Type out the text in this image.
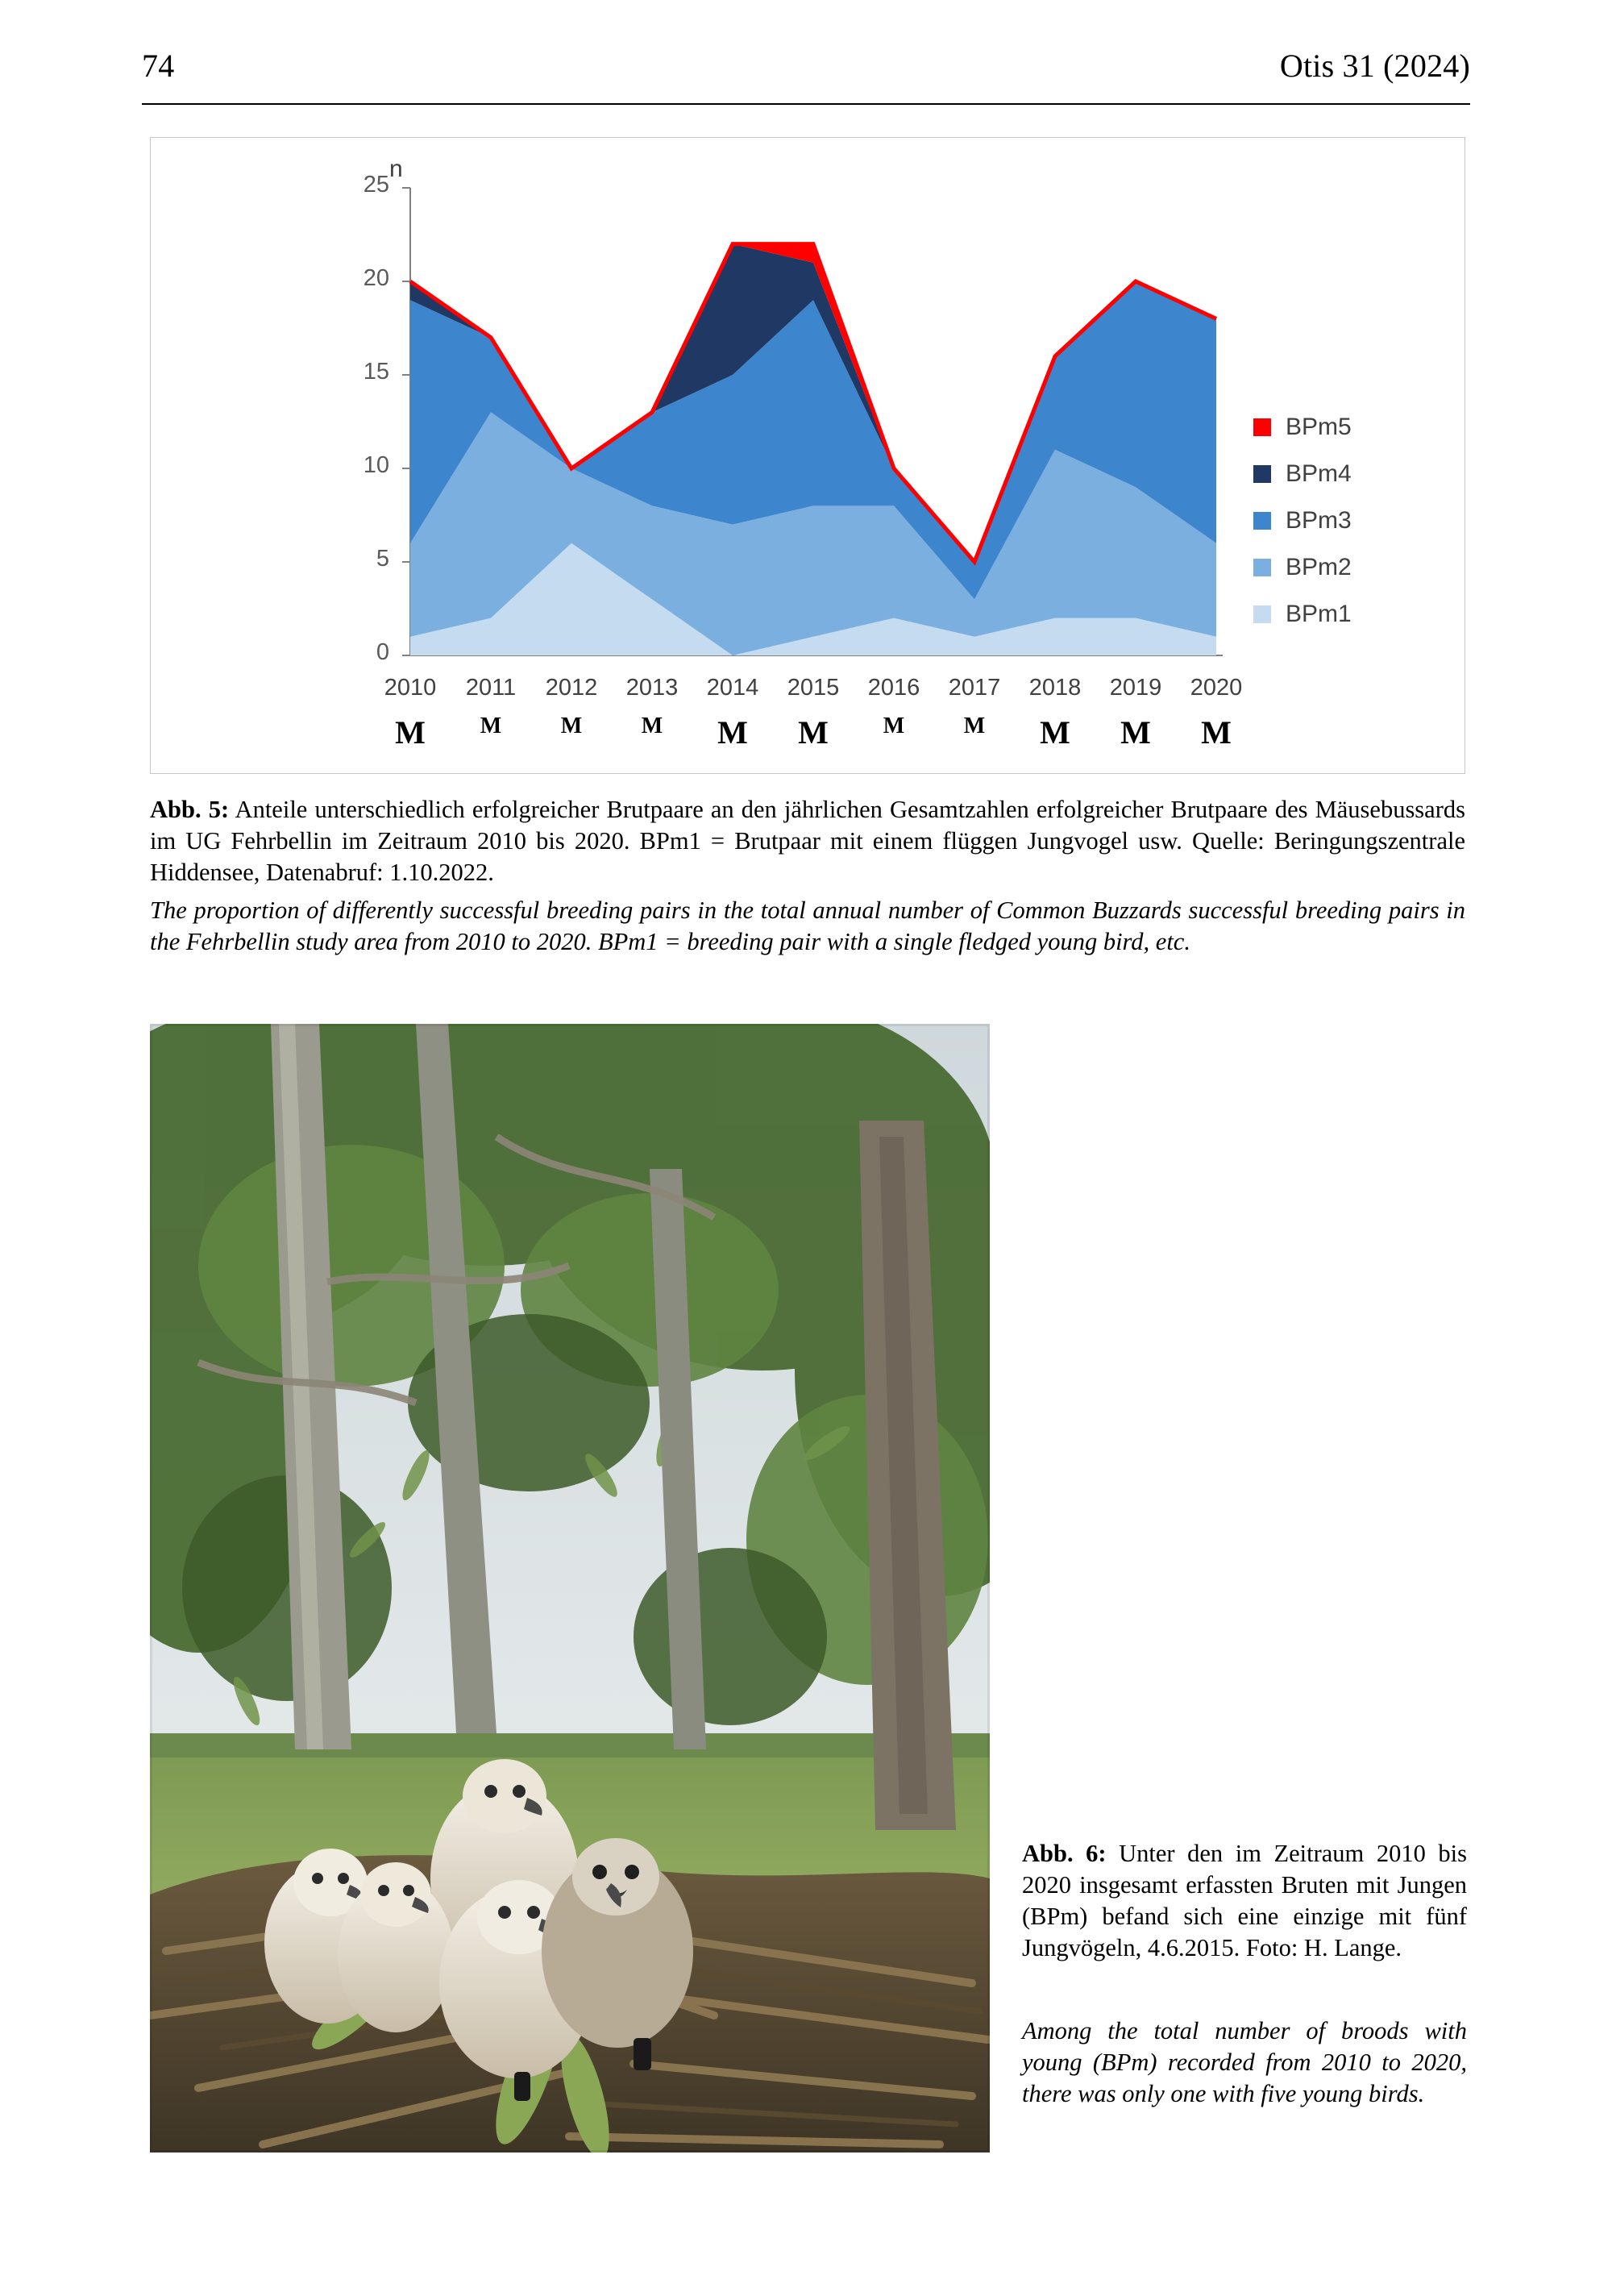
74	Otis 31 (2024)
n
0
5
10
15
20
25
2010	2011	2012	2013	2014	2015	2016	2017	2018	2019	2020
M	M	M	M	M	M	M	M	M	M	M
BPm5
BPm4
BPm3
BPm2
BPm1
Abb. 5: Anteile unterschiedlich erfolgreicher Brutpaare an den jährlichen Gesamtzahlen erfolgreicher Brutpaare des Mäusebussards im UG Fehrbellin im Zeitraum 2010 bis 2020. BPm1 = Brutpaar mit einem flüggen Jungvogel usw. Quelle: Beringungszentrale Hiddensee, Datenabruf: 1.10.2022.
The proportion of differently successful breeding pairs in the total annual number of Common Buzzards successful breeding pairs in the Fehrbellin study area from 2010 to 2020. BPm1 = breeding pair with a single fledged young bird, etc.
Abb. 6: Unter den im Zeitraum 2010 bis 2020 insgesamt erfassten Bruten mit Jungen (BPm) befand sich eine einzige mit fünf Jungvögeln, 4.6.2015. Foto: H. Lange.
Among the total number of broods with young (BPm) recorded from 2010 to 2020, there was only one with five young birds.
